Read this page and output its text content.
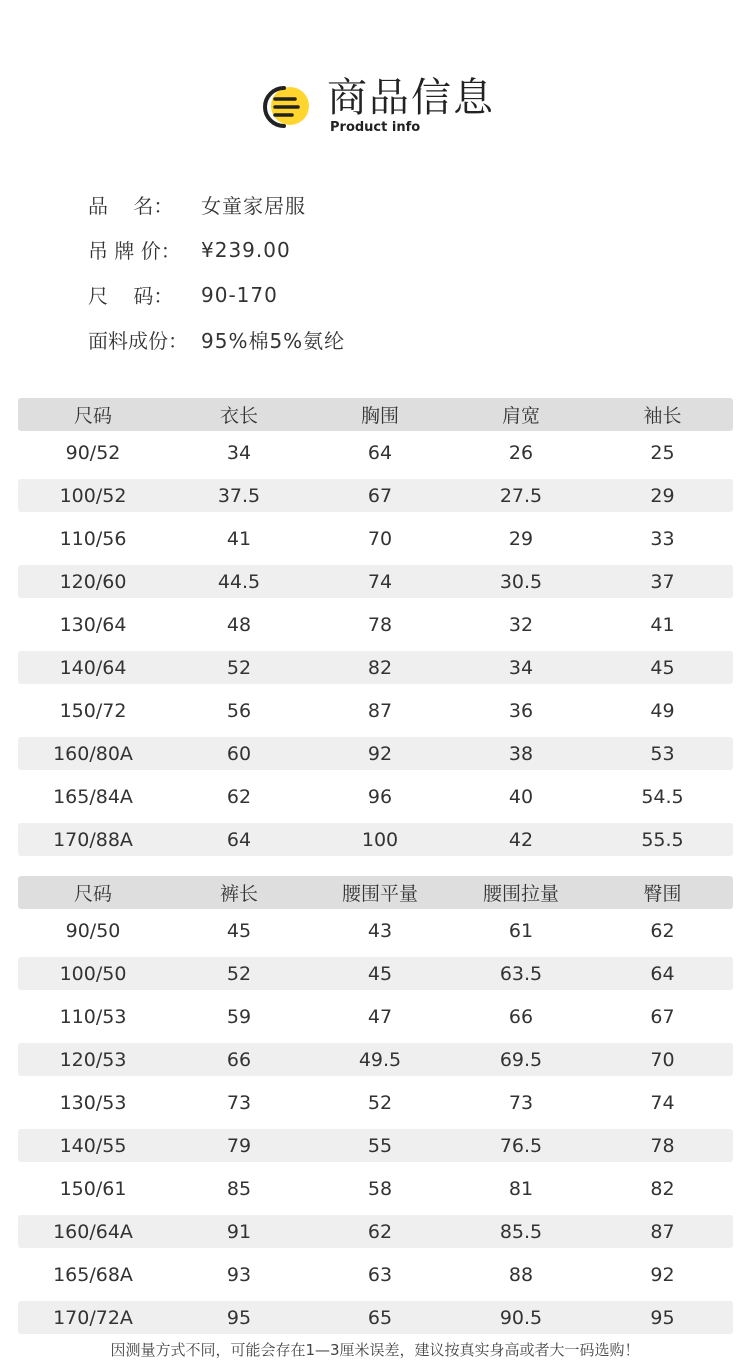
商品信息
Product info
品    名：	女童家居服
吊 牌 价：	¥239.00
尺    码：	90-170
面料成份： 95%棉5%氨纶
尺码	衣长	胸围	肩宽	袖长
90/52	34	64	26	25
100/52	37.5	67	27.5	29
110/56	41	70	29	33
120/60	44.5	74	30.5	37
130/64	48	78	32	41
140/64	52	82	34	45
150/72	56	87	36	49
160/80A	60	92	38	53
165/84A	62	96	40	54.5
170/88A	64	100	42	55.5
尺码	裤长	腰围平量	腰围拉量	臀围
90/50	45	43	61	62
100/50	52	45	63.5	64
110/53	59	47	66	67
120/53	66	49.5	69.5	70
130/53	73	52	73	74
140/55	79	55	76.5	78
150/61	85	58	81	82
160/64A	91	62	85.5	87
165/68A	93	63	88	92
170/72A	95	65	90.5	95
因测量方式不同，可能会存在1—3厘米误差，建议按真实身高或者大一码选购！
